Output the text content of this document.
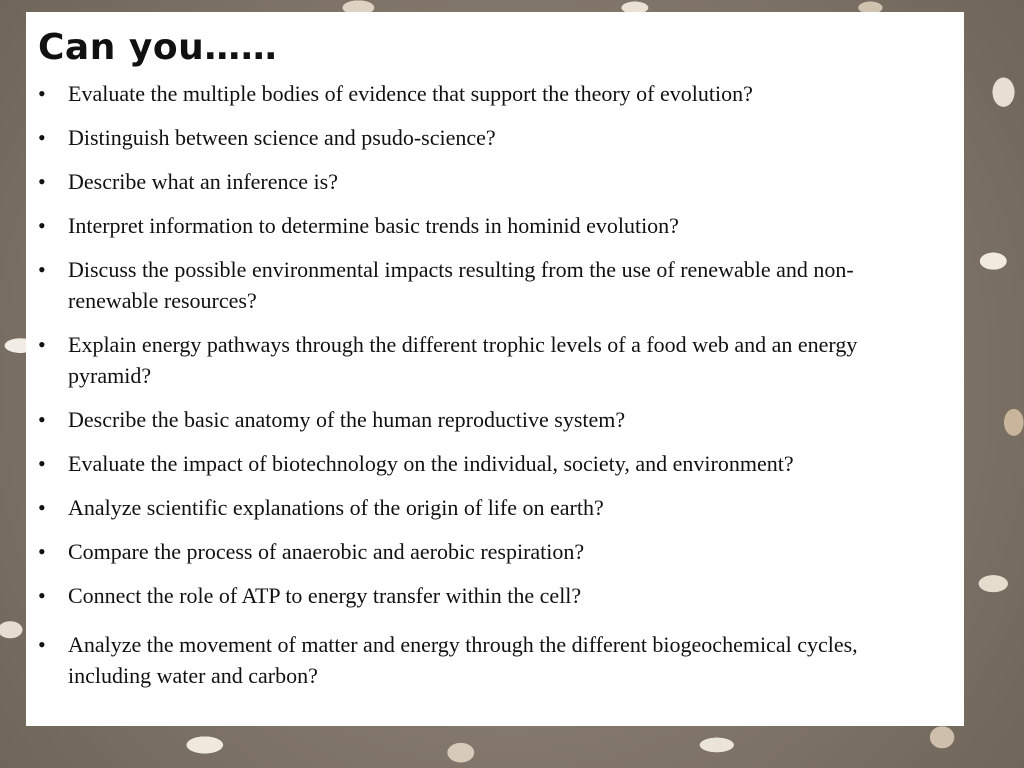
Can you……
• Evaluate the multiple bodies of evidence that support the theory of evolution?
• Distinguish between science and psudo-science?
• Describe what an inference is?
• Interpret information to determine basic trends in hominid evolution?
• Discuss the possible environmental impacts resulting from the use of renewable and non-renewable resources?
• Explain energy pathways through the different trophic levels of a food web and an energy pyramid?
• Describe the basic anatomy of the human reproductive system?
• Evaluate the impact of biotechnology on the individual, society, and environment?
• Analyze scientific explanations of the origin of life on earth?
• Compare the process of anaerobic and aerobic respiration?
• Connect the role of ATP to energy transfer within the cell?
• Analyze the movement of matter and energy through the different biogeochemical cycles, including water and carbon?
